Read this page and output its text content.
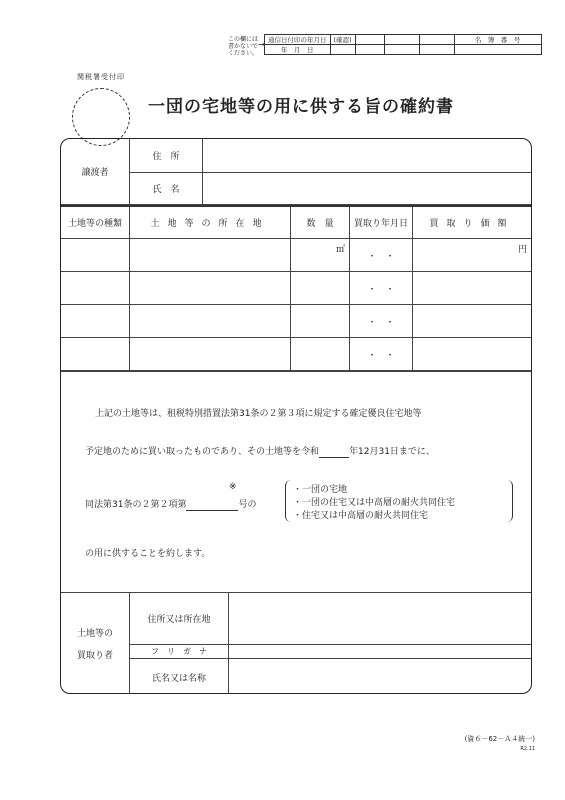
この欄には書かないでください。
→ 通信日付印の年月日	(確認)				名　簿　番　号
年　月　日					
関税署受付印
一団の宅地等の用に供する旨の確約書
譲渡者	住　所	
	氏　名	
土地等の種類	土地等の所在地	数　量	買取り年月日	買取り価額
		㎡	・　・	円
			・　・	
			・　・	
			・　・	
上記の土地等は、租税特別措置法第31条の２第３項に規定する確定優良住宅地等
予定地のために買い取ったものであり、その土地等を令和	年12月31日までに、
※
同法第31条の２第２項第	号の
・一団の宅地
・一団の住宅又は中高層の耐火共同住宅
・住宅又は中高層の耐火共同住宅
の用に供することを約します。
土地等の
買取り者	住所又は所在地	
	フ　リ　ガ　ナ	
	氏名又は名称	
(資６－62－Ａ４統一)
R2.11
